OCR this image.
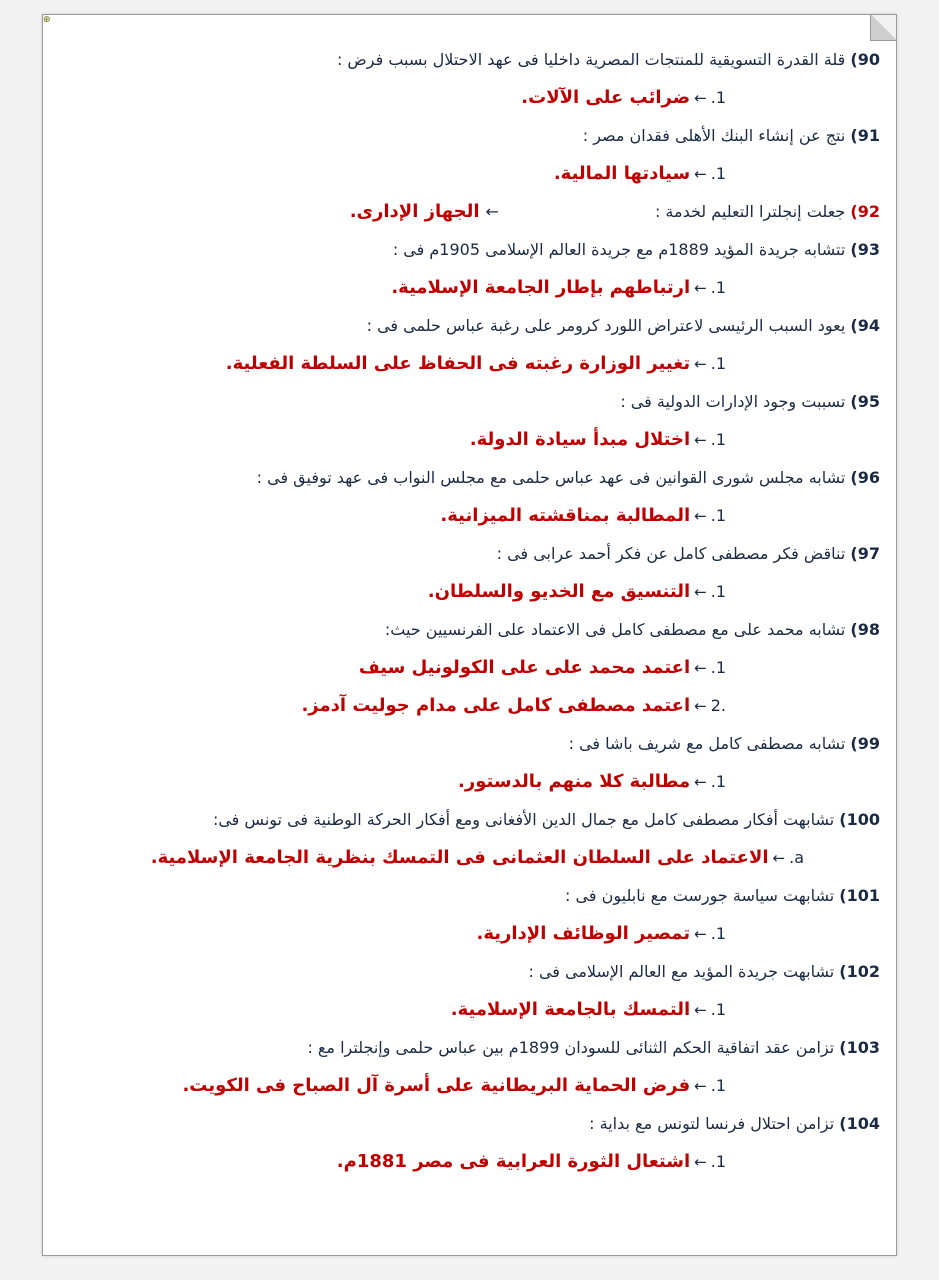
⊕
90) قلة القدرة التسويقية للمنتجات المصرية داخليا فى عهد الاحتلال بسبب فرض :
1.←ضرائب على الآلات.
91) نتج عن إنشاء البنك الأهلى فقدان مصر :
1.←سيادتها المالية.
92) جعلت إنجلترا التعليم لخدمة :←الجهاز الإدارى.
93) تتشابه جريدة المؤيد 1889م مع جريدة العالم الإسلامى 1905م فى :
1.←ارتباطهم بإطار الجامعة الإسلامية.
94) يعود السبب الرئيسى لاعتراض اللورد كرومر على رغبة عباس حلمى فى :
1.←تغيير الوزارة رغبته فى الحفاظ على السلطة الفعلية.
95) تسببت وجود الإدارات الدولية فى :
1.←اختلال مبدأ سيادة الدولة.
96) تشابه مجلس شورى القوانين فى عهد عباس حلمى مع مجلس النواب فى عهد توفيق فى :
1.←المطالبة بمناقشته الميزانية.
97) تناقض فكر مصطفى كامل عن فكر أحمد عرابى فى :
1.←التنسيق مع الخديو والسلطان.
98) تشابه محمد على مع مصطفى كامل فى الاعتماد على الفرنسيين حيث:
1.←اعتمد محمد على على الكولونيل سيف
.2←اعتمد مصطفى كامل على مدام جوليت آدمز.
99) تشابه مصطفى كامل مع شريف باشا فى :
1.←مطالبة كلا منهم بالدستور.
100) تشابهت أفكار مصطفى كامل مع جمال الدين الأفغانى ومع أفكار الحركة الوطنية فى تونس فى:
a.←الاعتماد على السلطان العثمانى فى التمسك بنظرية الجامعة الإسلامية.
101) تشابهت سياسة جورست مع نابليون فى :
1.←تمصير الوظائف الإدارية.
102) تشابهت جريدة المؤيد مع العالم الإسلامى فى :
1.←التمسك بالجامعة الإسلامية.
103) تزامن عقد اتفاقية الحكم الثنائى للسودان 1899م بين عباس حلمى وإنجلترا مع :
1.←فرض الحماية البريطانية على أسرة آل الصباح فى الكويت.
104) تزامن احتلال فرنسا لتونس مع بداية :
1.←اشتعال الثورة العرابية فى مصر 1881م.
